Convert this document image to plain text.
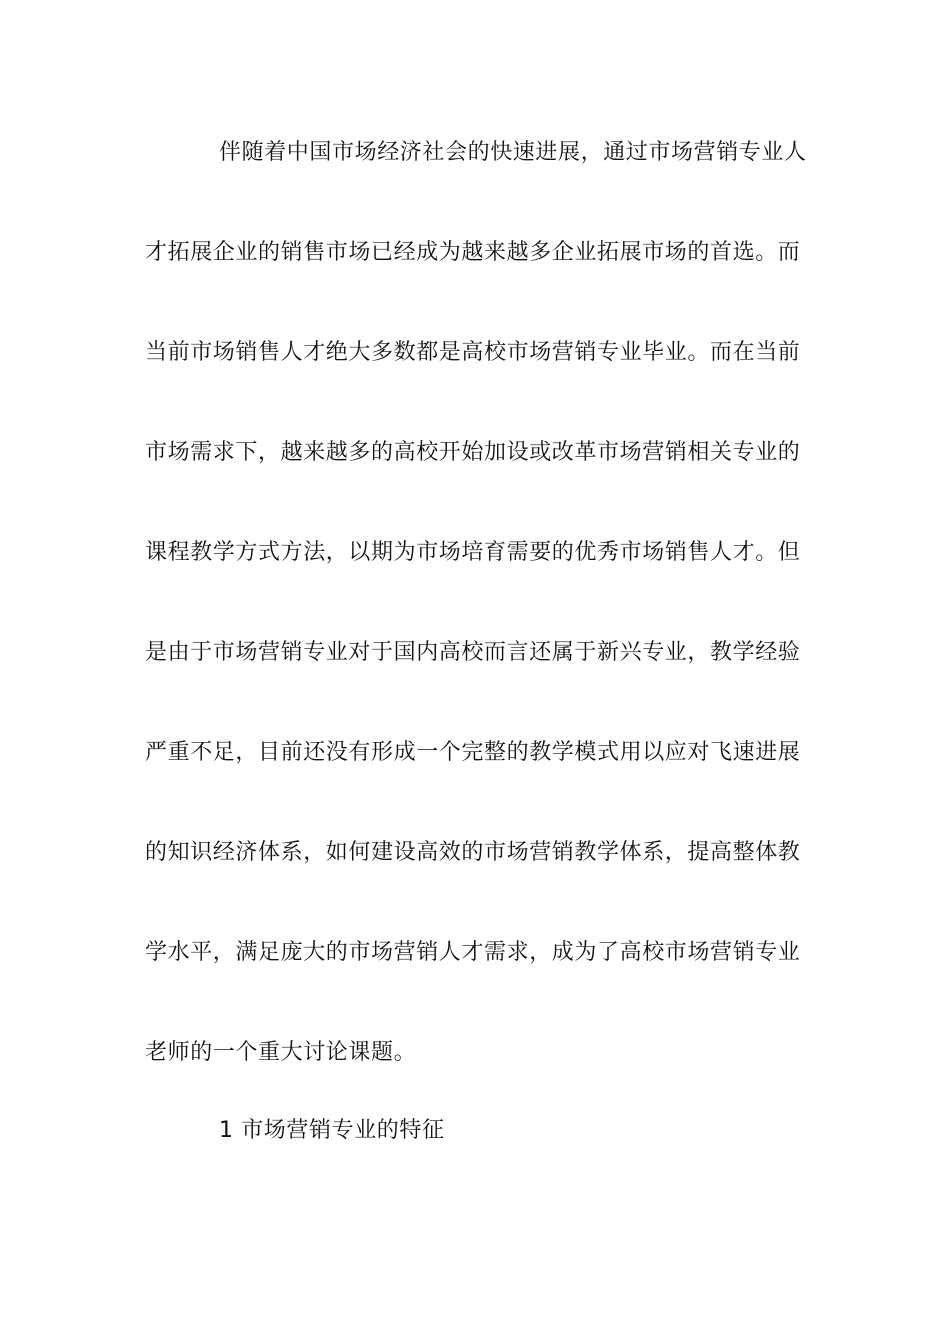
伴随着中国市场经济社会的快速进展，通过市场营销专业人
才拓展企业的销售市场已经成为越来越多企业拓展市场的首选。而
当前市场销售人才绝大多数都是高校市场营销专业毕业。而在当前
市场需求下，越来越多的高校开始加设或改革市场营销相关专业的
课程教学方式方法，以期为市场培育需要的优秀市场销售人才。但
是由于市场营销专业对于国内高校而言还属于新兴专业，教学经验
严重不足，目前还没有形成一个完整的教学模式用以应对飞速进展
的知识经济体系，如何建设高效的市场营销教学体系，提高整体教
学水平，满足庞大的市场营销人才需求，成为了高校市场营销专业
老师的一个重大讨论课题。
1 市场营销专业的特征
